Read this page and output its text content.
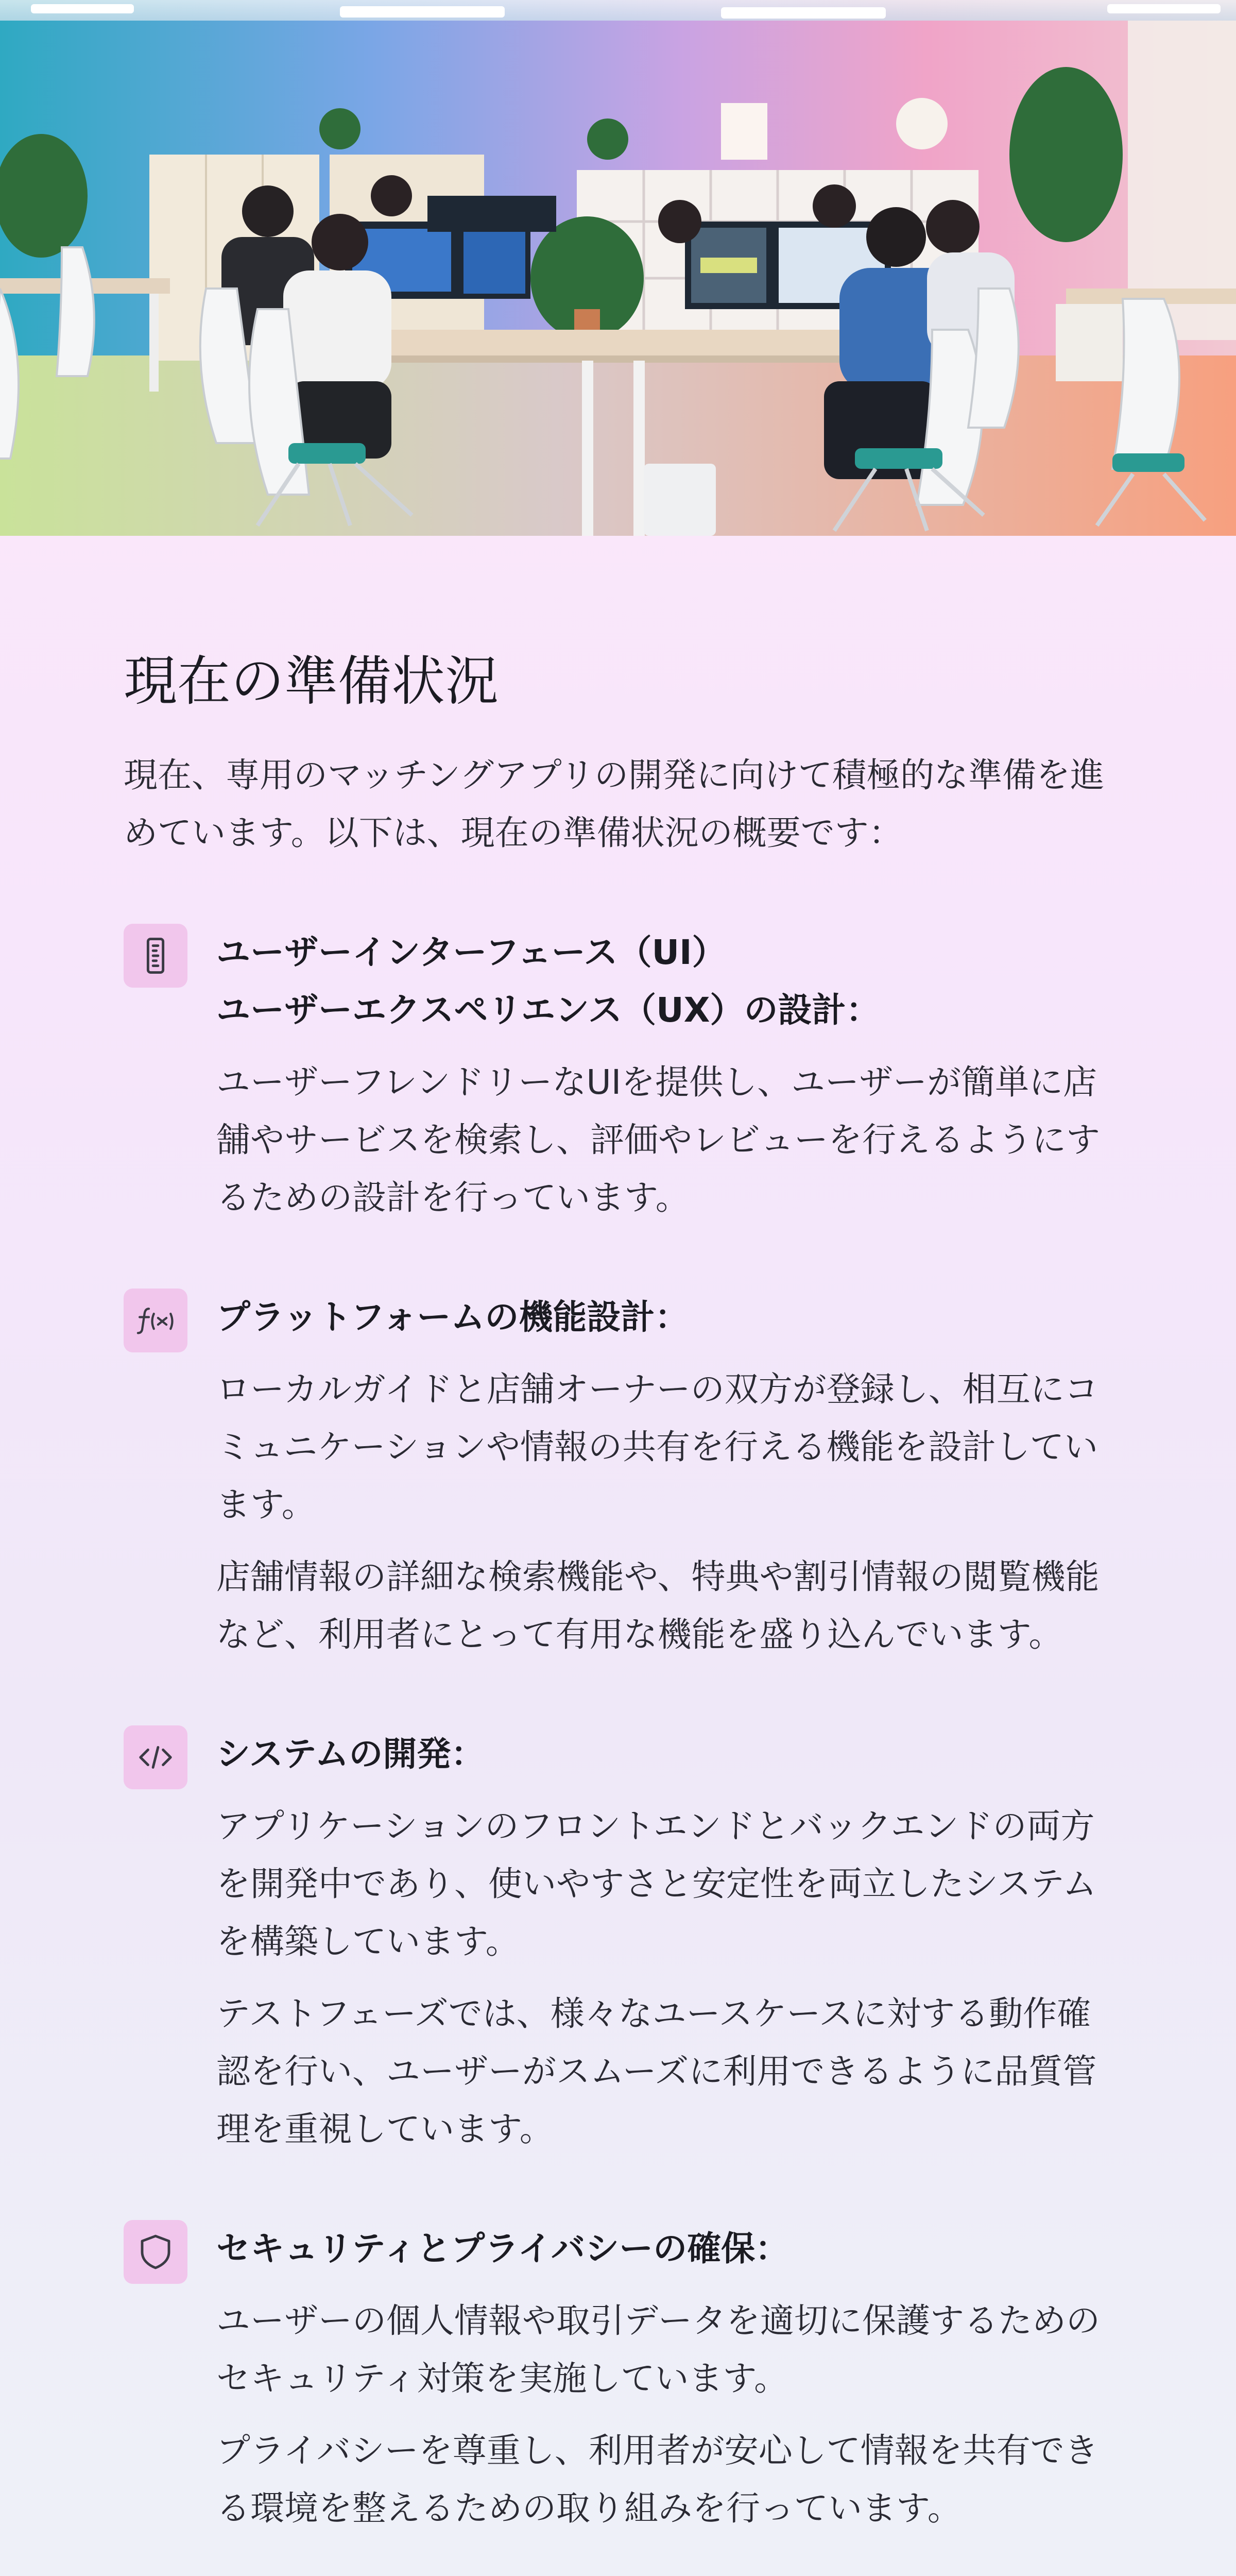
現在の準備状況
現在、専用のマッチングアプリの開発に向けて積極的な準備を進めています。以下は、現在の準備状況の概要です：
ユーザーインターフェース（UI）
ユーザーエクスペリエンス（UX）の設計：
ユーザーフレンドリーなUIを提供し、ユーザーが簡単に店舗やサービスを検索し、評価やレビューを行えるようにするための設計を行っています。
プラットフォームの機能設計：
ローカルガイドと店舗オーナーの双方が登録し、相互にコミュニケーションや情報の共有を行える機能を設計しています。
店舗情報の詳細な検索機能や、特典や割引情報の閲覧機能など、利用者にとって有用な機能を盛り込んでいます。
システムの開発：
アプリケーションのフロントエンドとバックエンドの両方を開発中であり、使いやすさと安定性を両立したシステムを構築しています。
テストフェーズでは、様々なユースケースに対する動作確認を行い、ユーザーがスムーズに利用できるように品質管理を重視しています。
セキュリティとプライバシーの確保：
ユーザーの個人情報や取引データを適切に保護するためのセキュリティ対策を実施しています。
プライバシーを尊重し、利用者が安心して情報を共有できる環境を整えるための取り組みを行っています。
